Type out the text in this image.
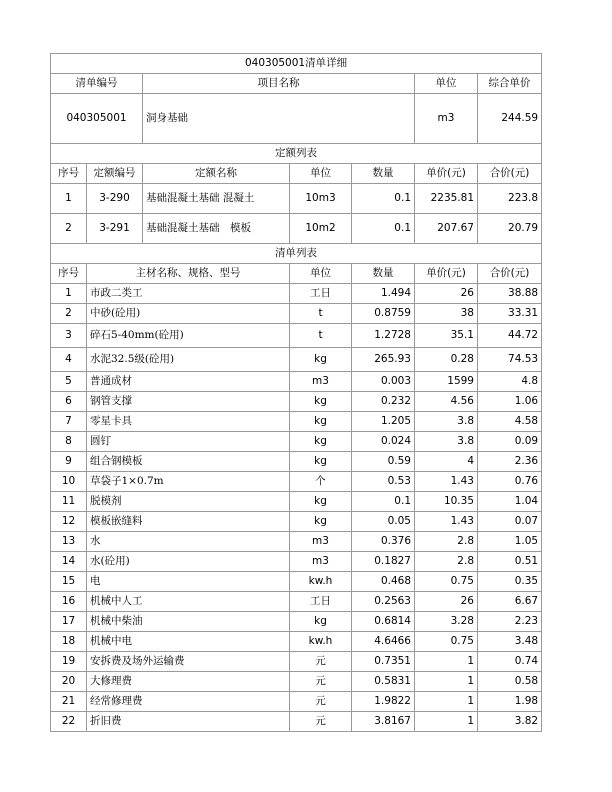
040305001清单详细						
清单编号		项目名称			单位	综合单价
040305001		洞身基础			m3	244.59
定额列表						
序号	定额编号	定额名称	单位	数量	单价(元)	合价(元)
1	3-290	基础混凝土基础 混凝土	10m3	0.1	2235.81	223.8
2	3-291	基础混凝土基础　模板	10m2	0.1	207.67	20.79
清单列表						
序号	主材名称、规格、型号		单位	数量	单价(元)	合价(元)
1	市政二类工		工日	1.494	26	38.88
2	中砂(砼用)		t	0.8759	38	33.31
3	碎石5-40mm(砼用)		t	1.2728	35.1	44.72
4	水泥32.5级(砼用)		kg	265.93	0.28	74.53
5	普通成材		m3	0.003	1599	4.8
6	钢管支撑		kg	0.232	4.56	1.06
7	零星卡具		kg	1.205	3.8	4.58
8	圆钉		kg	0.024	3.8	0.09
9	组合钢模板		kg	0.59	4	2.36
10	草袋子1×0.7m		个	0.53	1.43	0.76
11	脱模剂		kg	0.1	10.35	1.04
12	模板嵌缝料		kg	0.05	1.43	0.07
13	水		m3	0.376	2.8	1.05
14	水(砼用)		m3	0.1827	2.8	0.51
15	电		kw.h	0.468	0.75	0.35
16	机械中人工		工日	0.2563	26	6.67
17	机械中柴油		kg	0.6814	3.28	2.23
18	机械中电		kw.h	4.6466	0.75	3.48
19	安拆费及场外运输费		元	0.7351	1	0.74
20	大修理费		元	0.5831	1	0.58
21	经常修理费		元	1.9822	1	1.98
22	折旧费		元	3.8167	1	3.82
